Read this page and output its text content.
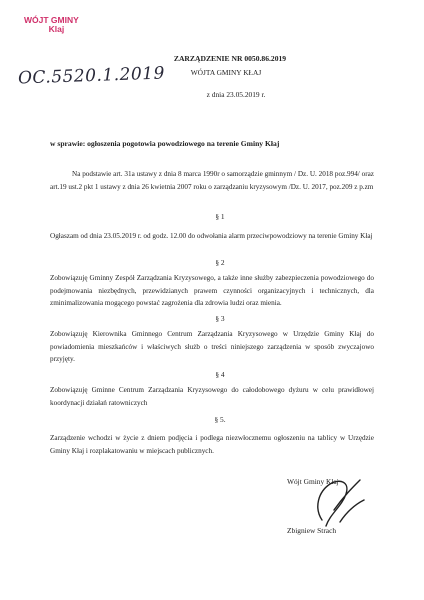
WÓJT GMINY
Klaj
OC.5520.1.2019
ZARZĄDZENIE NR 0050.86.2019
WÓJTA GMINY KŁAJ
z dnia 23.05.2019 r.
w sprawie: ogłoszenia pogotowia powodziowego na terenie Gminy Kłaj
Na podstawie art. 31a ustawy z dnia 8 marca 1990r o samorządzie gminnym / Dz. U. 2018 poz.994/ oraz art.19 ust.2 pkt 1 ustawy z dnia 26 kwietnia 2007 roku o zarządzaniu kryzysowym /Dz. U. 2017, poz.209 z p.zm
§ 1
Ogłaszam od dnia 23.05.2019 r. od godz. 12.00 do odwołania alarm przeciwpowodziowy na terenie Gminy Kłaj
§ 2
Zobowiązuję Gminny Zespół Zarządzania Kryzysowego, a także inne służby zabezpieczenia powodziowego do podejmowania niezbędnych, przewidzianych prawem czynności organizacyjnych i technicznych, dla zminimalizowania mogącego powstać zagrożenia dla zdrowia ludzi oraz mienia.
§ 3
Zobowiązuję Kierownika Gminnego Centrum Zarządzania Kryzysowego w Urzędzie Gminy Kłaj do powiadomienia mieszkańców i właściwych służb o treści niniejszego zarządzenia w sposób zwyczajowo przyjęty.
§ 4
Zobowiązuję Gminne Centrum Zarządzania Kryzysowego do całodobowego dyżuru w celu prawidłowej koordynacji działań ratowniczych
§ 5.
Zarządzenie wchodzi w życie z dniem podjęcia i podlega niezwłocznemu ogłoszeniu na tablicy w Urzędzie Gminy Kłaj i rozplakatowaniu w miejscach publicznych.
Wójt Gminy Kłaj
Zbigniew Strach
